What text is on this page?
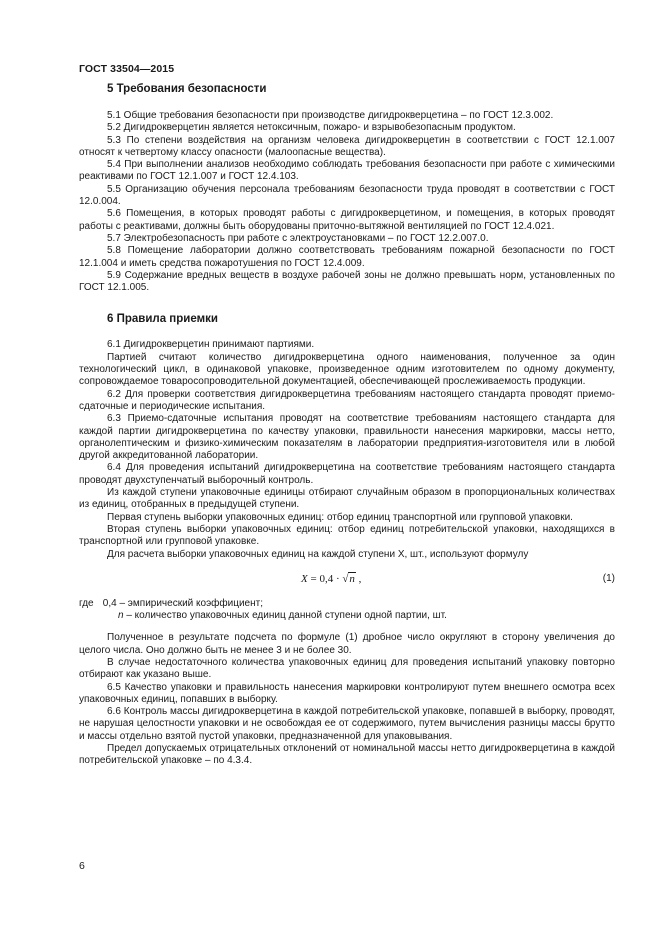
ГОСТ 33504—2015
5 Требования безопасности

5.1 Общие требования безопасности при производстве дигидрокверцетина – по ГОСТ 12.3.002.

5.2 Дигидрокверцетин является нетоксичным, пожаро- и взрывобезопасным продуктом.

5.3 По степени воздействия на организм человека дигидрокверцетин в соответствии с ГОСТ 12.1.007 относят к четвертому классу опасности (малоопасные вещества).

5.4 При выполнении анализов необходимо соблюдать требования безопасности при работе с химическими реактивами по ГОСТ 12.1.007 и ГОСТ 12.4.103.

5.5 Организацию обучения персонала требованиям безопасности труда проводят в соответствии с ГОСТ 12.0.004.

5.6 Помещения, в которых проводят работы с дигидрокверцетином, и помещения, в которых проводят работы с реактивами, должны быть оборудованы приточно-вытяжной вентиляцией по ГОСТ 12.4.021.

5.7 Электробезопасность при работе с электроустановками – по ГОСТ 12.2.007.0.

5.8 Помещение лаборатории должно соответствовать требованиям пожарной безопасности по ГОСТ 12.1.004 и иметь средства пожаротушения по ГОСТ 12.4.009.

5.9 Содержание вредных веществ в воздухе рабочей зоны не должно превышать норм, установленных по ГОСТ 12.1.005.

6 Правила приемки

6.1 Дигидрокверцетин принимают партиями.

Партией считают количество дигидрокверцетина одного наименования, полученное за один технологический цикл, в одинаковой упаковке, произведенное одним изготовителем по одному документу, сопровождаемое товаросопроводительной документацией, обеспечивающей прослеживаемость продукции.

6.2 Для проверки соответствия дигидрокверцетина требованиям настоящего стандарта проводят приемо-сдаточные и периодические испытания.

6.3 Приемо-сдаточные испытания проводят на соответствие требованиям настоящего стандарта для каждой партии дигидрокверцетина по качеству упаковки, правильности нанесения маркировки, массы нетто, органолептическим и физико-химическим показателям в лаборатории предприятия-изготовителя или в любой другой аккредитованной лаборатории.

6.4 Для проведения испытаний дигидрокверцетина на соответствие требованиям настоящего стандарта проводят двухступенчатый выборочный контроль.

Из каждой ступени упаковочные единицы отбирают случайным образом в пропорциональных количествах из единиц, отобранных в предыдущей ступени.

Первая ступень выборки упаковочных единиц: отбор единиц транспортной или групповой упаковки.

Вторая ступень выборки упаковочных единиц: отбор единиц потребительской упаковки, находящихся в транспортной или групповой упаковке.

Для расчета выборки упаковочных единиц на каждой ступени X, шт., используют формулу

X = 0,4 · √n ,	(1)

где 0,4 – эмпирический коэффициент;

n – количество упаковочных единиц данной ступени одной партии, шт.

Полученное в результате подсчета по формуле (1) дробное число округляют в сторону увеличения до целого числа. Оно должно быть не менее 3 и не более 30.

В случае недостаточного количества упаковочных единиц для проведения испытаний упаковку повторно отбирают как указано выше.

6.5 Качество упаковки и правильность нанесения маркировки контролируют путем внешнего осмотра всех упаковочных единиц, попавших в выборку.

6.6 Контроль массы дигидрокверцетина в каждой потребительской упаковке, попавшей в выборку, проводят, не нарушая целостности упаковки и не освобождая ее от содержимого, путем вычисления разницы массы брутто и массы отдельно взятой пустой упаковки, предназначенной для упаковывания.

Предел допускаемых отрицательных отклонений от номинальной массы нетто дигидрокверцетина в каждой потребительской упаковке – по 4.3.4.

6
